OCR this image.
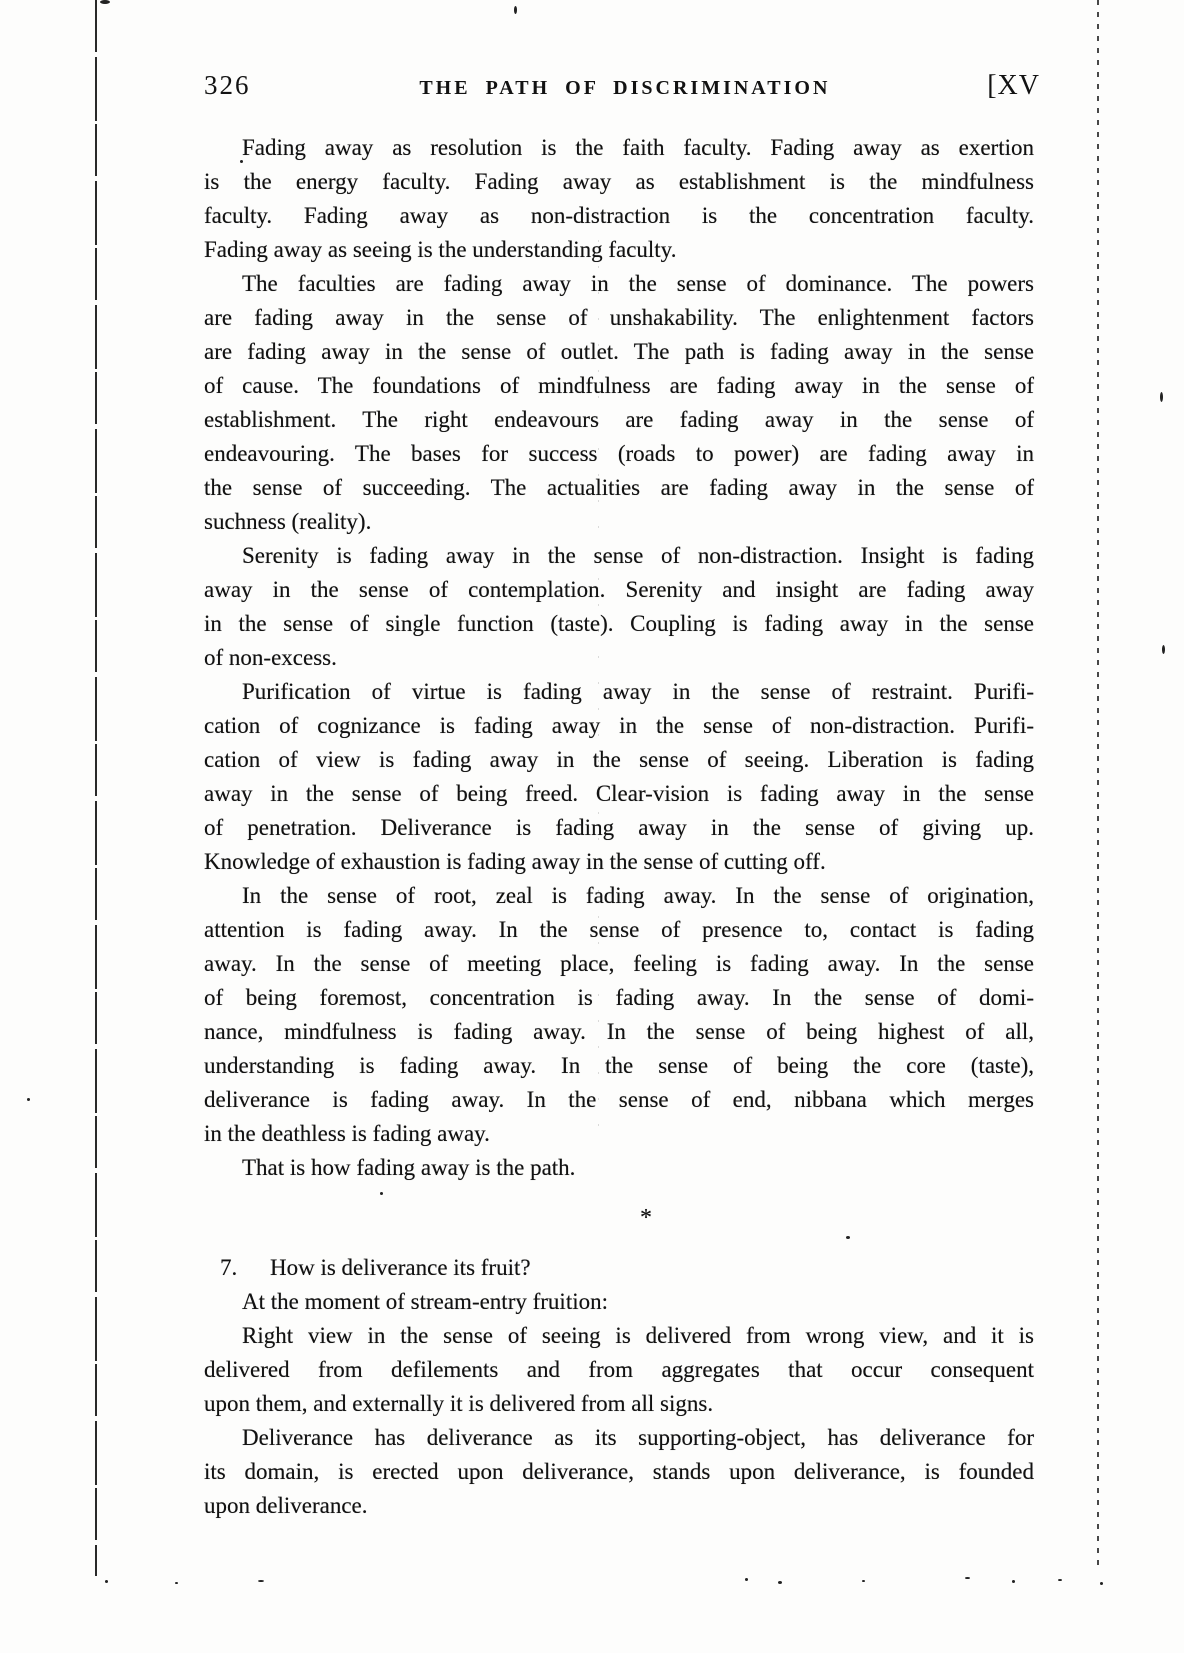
326	THE PATH OF DISCRIMINATION	[XV
Fading away as resolution is the faith faculty. Fading away as exertion
is the energy faculty. Fading away as establishment is the mindfulness
faculty. Fading away as non-distraction is the concentration faculty.
Fading away as seeing is the understanding faculty.
The faculties are fading away in the sense of dominance. The powers
are fading away in the sense of unshakability. The enlightenment factors
are fading away in the sense of outlet. The path is fading away in the sense
of cause. The foundations of mindfulness are fading away in the sense of
establishment. The right endeavours are fading away in the sense of
endeavouring. The bases for success (roads to power) are fading away in
the sense of succeeding. The actualities are fading away in the sense of
suchness (reality).
Serenity is fading away in the sense of non-distraction. Insight is fading
away in the sense of contemplation. Serenity and insight are fading away
in the sense of single function (taste). Coupling is fading away in the sense
of non-excess.
Purification of virtue is fading away in the sense of restraint. Purifi-
cation of cognizance is fading away in the sense of non-distraction. Purifi-
cation of view is fading away in the sense of seeing. Liberation is fading
away in the sense of being freed. Clear-vision is fading away in the sense
of penetration. Deliverance is fading away in the sense of giving up.
Knowledge of exhaustion is fading away in the sense of cutting off.
In the sense of root, zeal is fading away. In the sense of origination,
attention is fading away. In the sense of presence to, contact is fading
away. In the sense of meeting place, feeling is fading away. In the sense
of being foremost, concentration is fading away. In the sense of domi-
nance, mindfulness is fading away. In the sense of being highest of all,
understanding is fading away. In the sense of being the core (taste),
deliverance is fading away. In the sense of end, nibbana which merges
in the deathless is fading away.
That is how fading away is the path.
*
7. How is deliverance its fruit?
At the moment of stream-entry fruition:
Right view in the sense of seeing is delivered from wrong view, and it is
delivered from defilements and from aggregates that occur consequent
upon them, and externally it is delivered from all signs.
Deliverance has deliverance as its supporting-object, has deliverance for
its domain, is erected upon deliverance, stands upon deliverance, is founded
upon deliverance.
